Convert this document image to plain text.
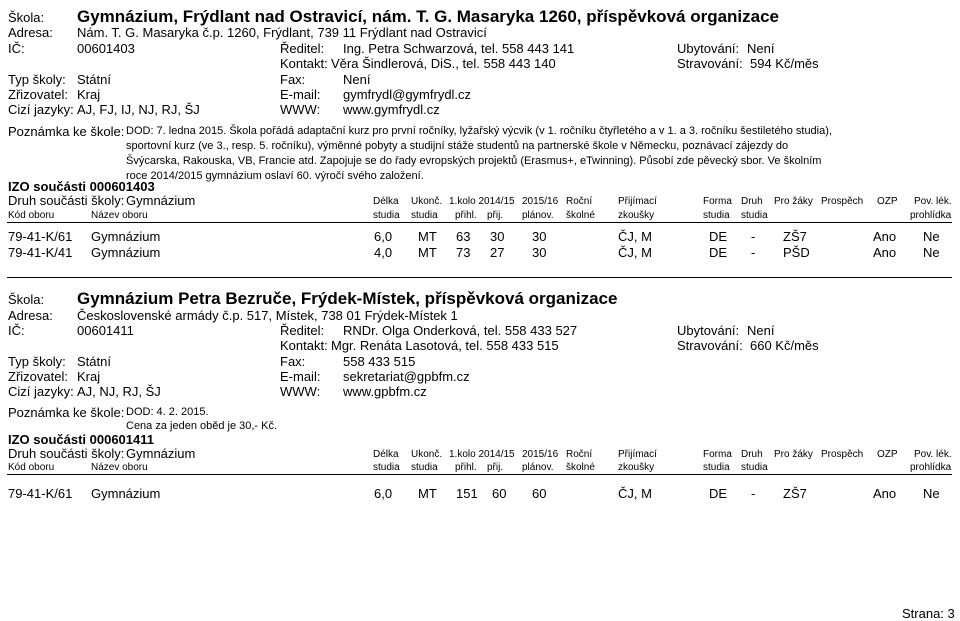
Škola: Gymnázium, Frýdlant nad Ostravicí, nám. T. G. Masaryka 1260, příspěvková organizace
Adresa: Nám. T. G. Masaryka č.p. 1260, Frýdlant, 739 11 Frýdlant nad Ostravicí
IČ:	00601403	Ředitel: Ing. Petra Schwarzová, tel. 558 443 141
Kontakt: Věra Šindlerová, DiS., tel. 558 443 140
Ubytování: Není
Stravování: 594 Kč/měs
Typ školy: Státní
Zřizovatel: Kraj
Cizí jazyky: AJ, FJ, IJ, NJ, RJ, ŠJ
Fax:	Není
E-mail: gymfrydl@gymfrydl.cz
WWW: www.gymfrydl.cz
Poznámka ke škole: DOD: 7. ledna 2015. Škola pořádá adaptační kurz pro první ročníky, lyžařský výcvik (v 1. ročníku čtyřletého a v 1. a 3. ročníku šestiletého studia),
sportovní kurz (ve 3., resp. 5. ročníku), výměnné pobyty a studijní stáže studentů na partnerské škole v Německu, poznávací zájezdy do
Švýcarska, Rakouska, VB, Francie atd. Zapojuje se do řady evropských projektů (Erasmus+, eTwinning). Působí zde pěvecký sbor. Ve školním
roce 2014/2015 gymnázium oslaví 60. výročí svého založení.
IZO součásti 000601403
Druh součásti školy: Gymnázium	Délka Ukonč. 1.kolo 2014/15 2015/16 Roční	Přijímací	Forma Druh Pro žáky Prospěch OZP Pov. lék.
Kód oboru	Název oboru	studia studia přihl. přij. plánov. školné zkoušky	studia studia	prohlídka
79-41-K/61 Gymnázium	6,0 MT 63 30 30	ČJ, M	DE - ZŠ7	Ano Ne
79-41-K/41 Gymnázium	4,0 MT 73 27 30	ČJ, M	DE - PŠD	Ano Ne
Škola: Gymnázium Petra Bezruče, Frýdek-Místek, příspěvková organizace
Adresa: Československé armády č.p. 517, Místek, 738 01 Frýdek-Místek 1
IČ:	00601411	Ředitel: RNDr. Olga Onderková, tel. 558 433 527
Kontakt: Mgr. Renáta Lasotová, tel. 558 433 515
Ubytování: Není
Stravování: 660 Kč/měs
Typ školy: Státní
Zřizovatel: Kraj
Cizí jazyky: AJ, NJ, RJ, ŠJ
Fax:	558 433 515
E-mail: sekretariat@gpbfm.cz
WWW: www.gpbfm.cz
Poznámka ke škole: DOD: 4. 2. 2015.
Cena za jeden oběd je 30,- Kč.
IZO součásti 000601411
Druh součásti školy: Gymnázium	Délka Ukonč. 1.kolo 2014/15 2015/16 Roční	Přijímací	Forma Druh Pro žáky Prospěch OZP Pov. lék.
Kód oboru	Název oboru	studia studia přihl. přij. plánov. školné zkoušky	studia studia	prohlídka
79-41-K/61 Gymnázium	6,0 MT 151 60 60	ČJ, M	DE - ZŠ7	Ano Ne
Strana: 3
